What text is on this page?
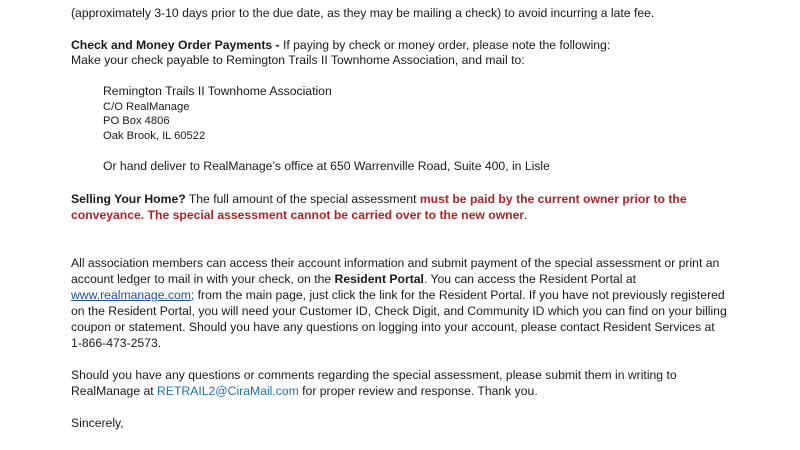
(approximately 3-10 days prior to the due date, as they may be mailing a check) to avoid incurring a late fee.
Check and Money Order Payments - If paying by check or money order, please note the following:
Make your check payable to Remington Trails II Townhome Association, and mail to:
Remington Trails II Townhome Association
C/O RealManage
PO Box 4806
Oak Brook, IL 60522
Or hand deliver to RealManage’s office at 650 Warrenville Road, Suite 400, in Lisle
Selling Your Home? The full amount of the special assessment must be paid by the current owner prior to the
conveyance. The special assessment cannot be carried over to the new owner.
All association members can access their account information and submit payment of the special assessment or print an
account ledger to mail in with your check, on the Resident Portal. You can access the Resident Portal at
www.realmanage.com; from the main page, just click the link for the Resident Portal. If you have not previously registered
on the Resident Portal, you will need your Customer ID, Check Digit, and Community ID which you can find on your billing
coupon or statement. Should you have any questions on logging into your account, please contact Resident Services at
1-866-473-2573.
Should you have any questions or comments regarding the special assessment, please submit them in writing to
RealManage at RETRAIL2@CiraMail.com for proper review and response. Thank you.
Sincerely,
